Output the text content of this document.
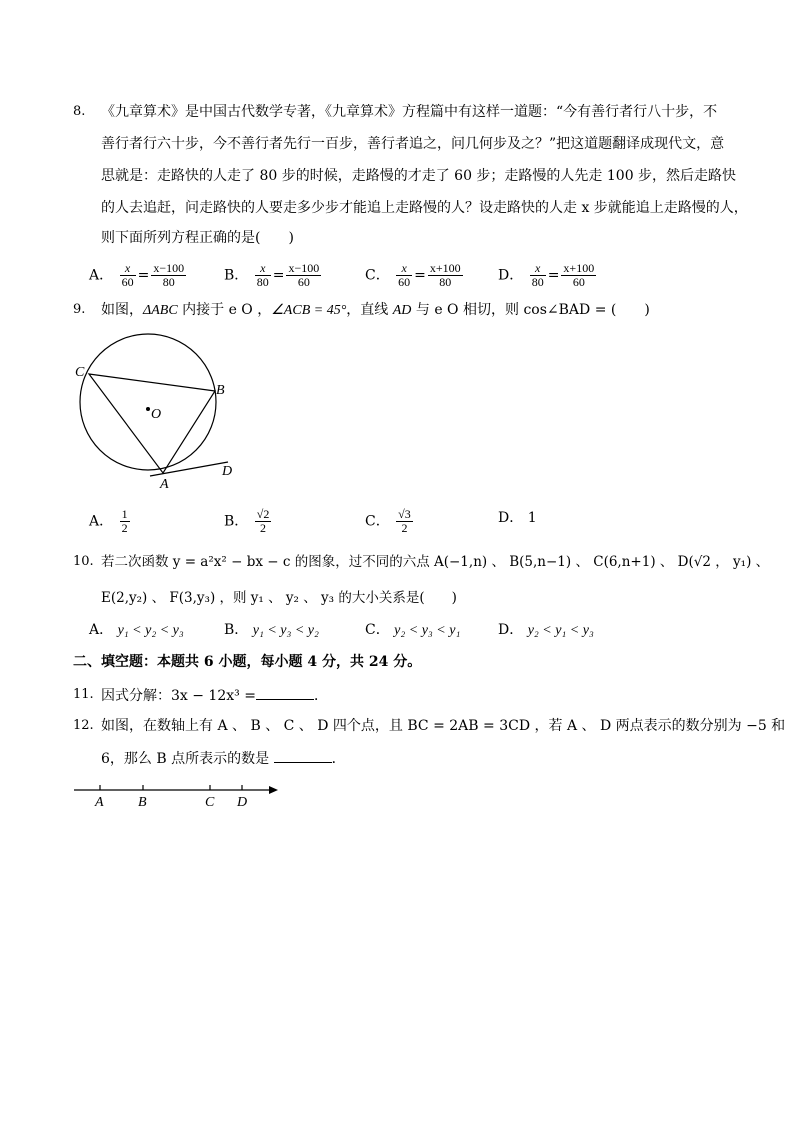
8. 《九章算术》是中国古代数学专著，《九章算术》方程篇中有这样一道题：“今有善行者行八十步，不
善行者行六十步，今不善行者先行一百步，善行者追之，问几何步及之？”把这道题翻译成现代文，意
思就是：走路快的人走了 80 步的时候，走路慢的才走了 60 步；走路慢的人先走 100 步，然后走路快
的人去追赶，问走路快的人要走多少步才能追上走路慢的人？设走路快的人走 x 步就能追上走路慢的人，
则下面所列方程正确的是(　　)
A． $\frac{x}{60} = \frac{x-100}{80}$	B． $\frac{x}{80} = \frac{x-100}{60}$	C． $\frac{x}{60} = \frac{x+100}{80}$	D． $\frac{x}{80} = \frac{x+100}{60}$
9. 如图，ΔABC 内接于 e O ，∠ACB = 45°，直线 AD 与 e O 相切，则 cos∠BAD = (　　)
C
B
O
A
D
A． $\frac{1}{2}$	B． $\frac{√2}{2}$	C． $\frac{√3}{2}$	D． 1
10. 若二次函数 y = a²x² − bx − c 的图象，过不同的六点 A(−1,n) 、 B(5,n−1) 、 C(6,n+1) 、 D(√2 ， y₁) 、
E(2,y₂) 、 F(3,y₃) ，则 y₁ 、 y₂ 、 y₃ 的大小关系是(　　)
A． y₁ < y₂ < y₃	B． y₁ < y₃ < y₂	C． y₂ < y₃ < y₁	D． y₂ < y₁ < y₃
二、填空题：本题共 6 小题，每小题 4 分，共 24 分。
11. 因式分解：3x − 12x³ =	．
12. 如图，在数轴上有 A 、 B 、 C 、 D 四个点，且 BC = 2AB = 3CD ，若 A 、 D 两点表示的数分别为 −5 和
6，那么 B 点所表示的数是	．
A B	C D
